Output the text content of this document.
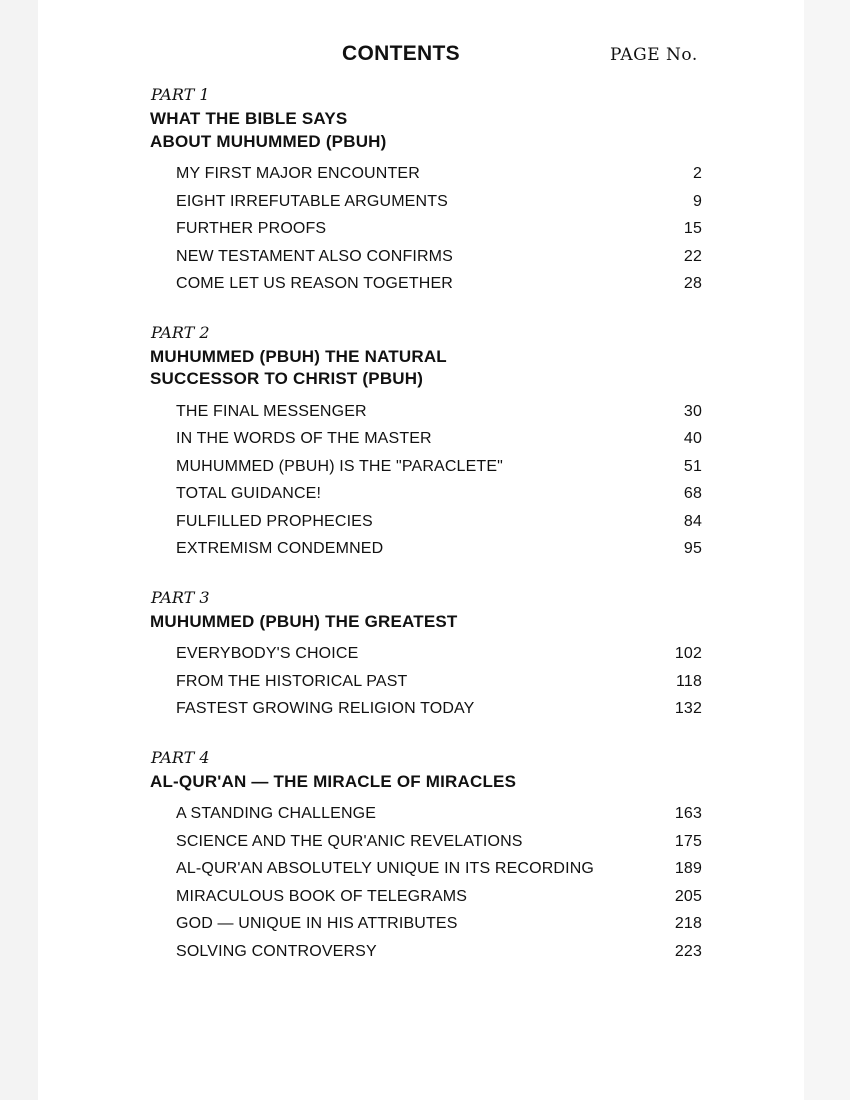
CONTENTS	PAGE No.
PART 1
WHAT THE BIBLE SAYS
ABOUT MUHUMMED (PBUH)
MY FIRST MAJOR ENCOUNTER	2
EIGHT IRREFUTABLE ARGUMENTS	9
FURTHER PROOFS	15
NEW TESTAMENT ALSO CONFIRMS	22
COME LET US REASON TOGETHER	28
PART 2
MUHUMMED (PBUH) THE NATURAL
SUCCESSOR TO CHRIST (PBUH)
THE FINAL MESSENGER	30
IN THE WORDS OF THE MASTER	40
MUHUMMED (PBUH) IS THE "PARACLETE"	51
TOTAL GUIDANCE!	68
FULFILLED PROPHECIES	84
EXTREMISM CONDEMNED	95
PART 3
MUHUMMED (PBUH) THE GREATEST
EVERYBODY'S CHOICE	102
FROM THE HISTORICAL PAST	118
FASTEST GROWING RELIGION TODAY	132
PART 4
AL-QUR'AN — THE MIRACLE OF MIRACLES
A STANDING CHALLENGE	163
SCIENCE AND THE QUR'ANIC REVELATIONS	175
AL-QUR'AN ABSOLUTELY UNIQUE IN ITS RECORDING	189
MIRACULOUS BOOK OF TELEGRAMS	205
GOD — UNIQUE IN HIS ATTRIBUTES	218
SOLVING CONTROVERSY	223
